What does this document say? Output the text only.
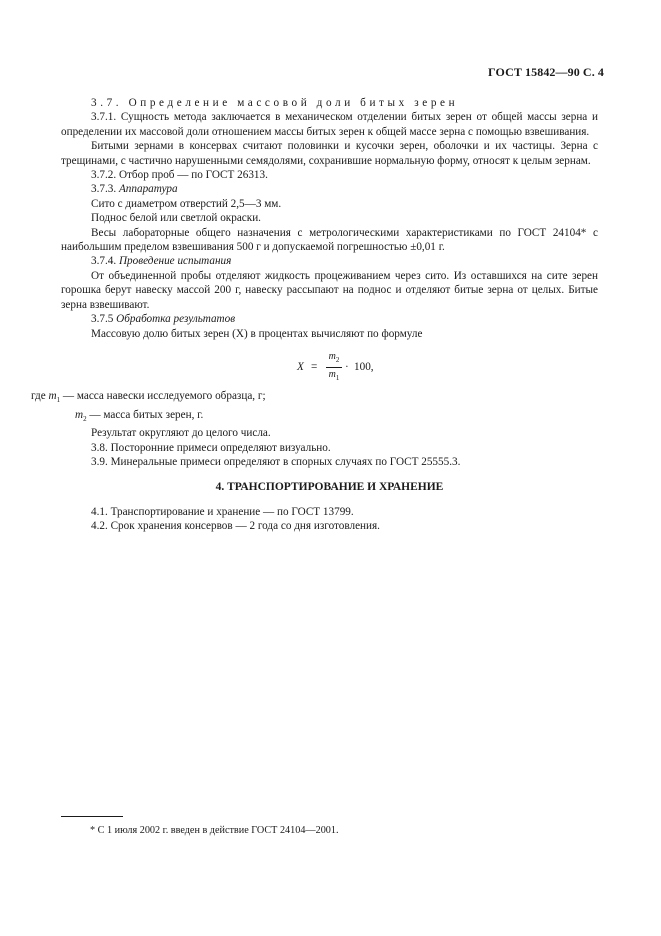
ГОСТ 15842—90 С. 4

3.7. Определение массовой доли битых зерен

3.7.1. Сущность метода заключается в механическом отделении битых зерен от общей массы зерна и определении их массовой доли отношением массы битых зерен к общей массе зерна с помощью взвешивания.

Битыми зернами в консервах считают половинки и кусочки зерен, оболочки и их частицы. Зерна с трещинами, с частично нарушенными семядолями, сохранившие нормальную форму, относят к целым зернам.

3.7.2. Отбор проб — по ГОСТ 26313.

3.7.3. Аппаратура

Сито с диаметром отверстий 2,5—3 мм.

Поднос белой или светлой окраски.

Весы лабораторные общего назначения с метрологическими характеристиками по ГОСТ 24104* с наибольшим пределом взвешивания 500 г и допускаемой погрешностью ±0,01 г.

3.7.4. Проведение испытания

От объединенной пробы отделяют жидкость процеживанием через сито. Из оставшихся на сите зерен горошка берут навеску массой 200 г, навеску рассыпают на поднос и отделяют битые зерна от целых. Битые зерна взвешивают.

3.7.5 Обработка результатов

Массовую долю битых зерен (X) в процентах вычисляют по формуле

$X = \frac{m_2}{m_1} \cdot 100$,

где $m_1$ — масса навески исследуемого образца, г;

$m_2$ — масса битых зерен, г.

Результат округляют до целого числа.

3.8. Посторонние примеси определяют визуально.

3.9. Минеральные примеси определяют в спорных случаях по ГОСТ 25555.3.

4. ТРАНСПОРТИРОВАНИЕ И ХРАНЕНИЕ

4.1. Транспортирование и хранение — по ГОСТ 13799.

4.2. Срок хранения консервов — 2 года со дня изготовления.

* С 1 июля 2002 г. введен в действие ГОСТ 24104—2001.
